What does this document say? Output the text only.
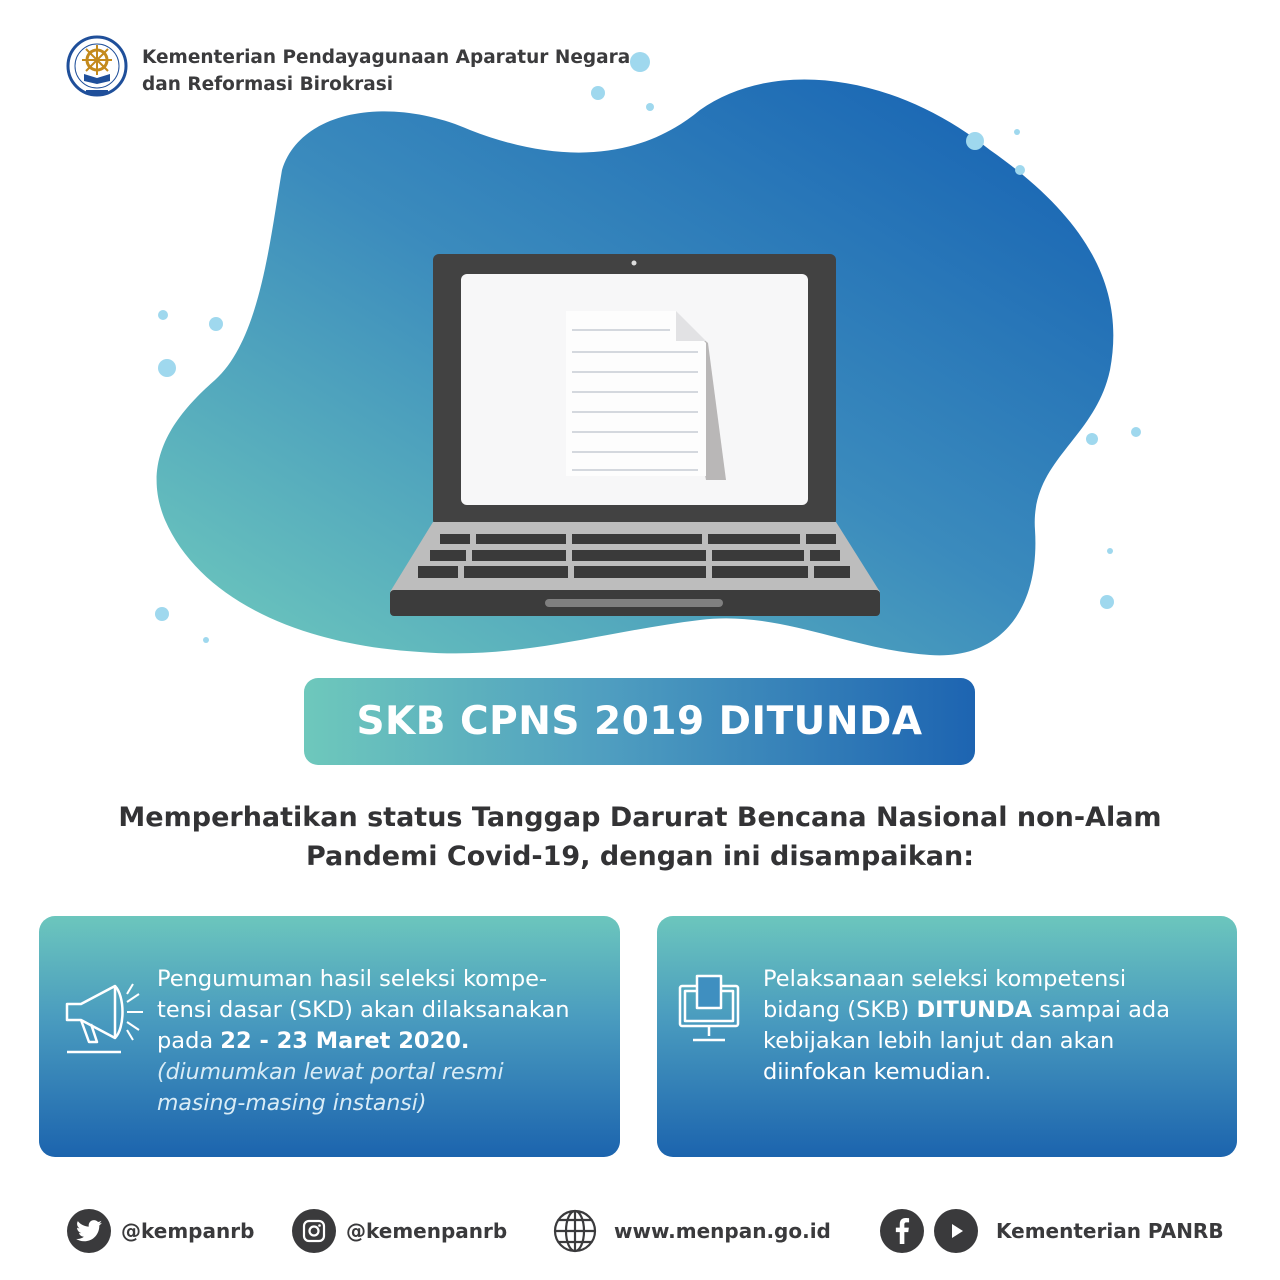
Kementerian Pendayagunaan Aparatur Negara
dan Reformasi Birokrasi
SKB CPNS 2019 DITUNDA
Memperhatikan status Tanggap Darurat Bencana Nasional non-Alam
Pandemi Covid-19, dengan ini disampaikan:
Pengumuman hasil seleksi kompe-
tensi dasar (SKD) akan dilaksanakan
pada 22 - 23 Maret 2020.
(diumumkan lewat portal resmi
masing-masing instansi)
Pelaksanaan seleksi kompetensi
bidang (SKB) DITUNDA sampai ada
kebijakan lebih lanjut dan akan
diinfokan kemudian.
@kempanrb	@kemenpanrb	www.menpan.go.id	Kementerian PANRB
